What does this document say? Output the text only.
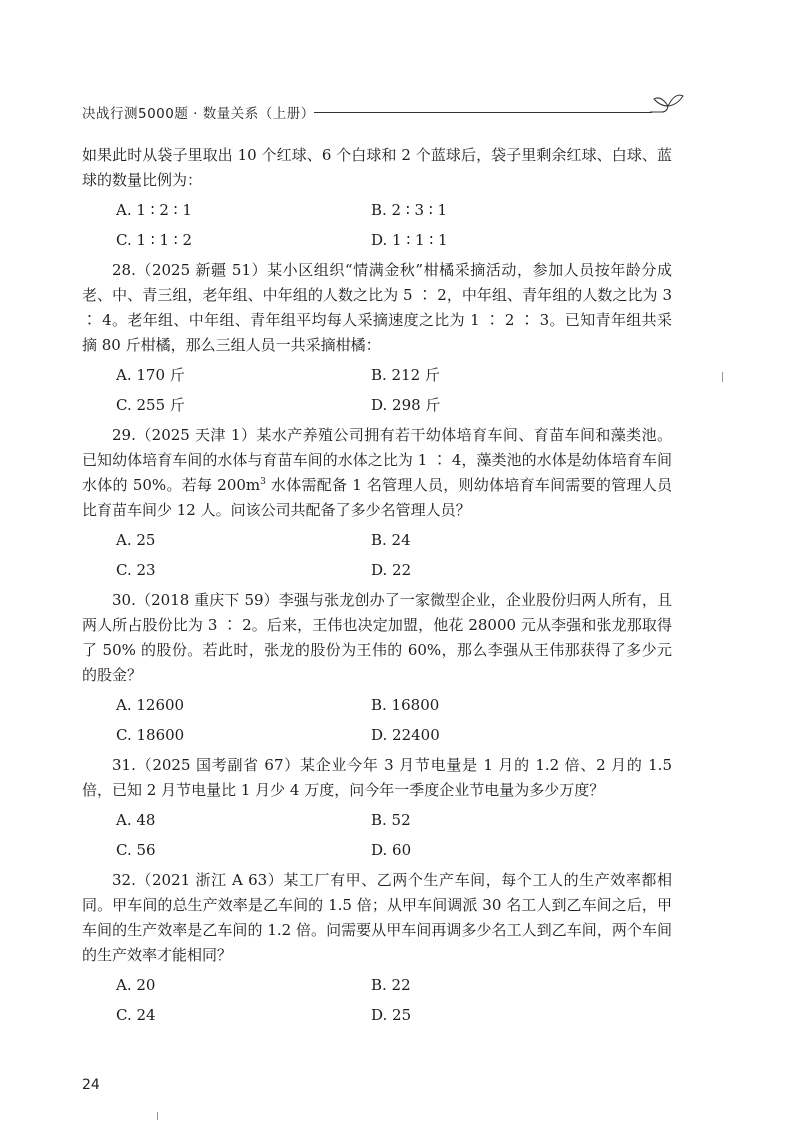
决战行测5000题 · 数量关系（上册）

如果此时从袋子里取出 10 个红球、6 个白球和 2 个蓝球后，袋子里剩余红球、白球、蓝球的数量比例为：

A. 1 ∶ 2 ∶ 1	B. 2 ∶ 3 ∶ 1
C. 1 ∶ 1 ∶ 2	D. 1 ∶ 1 ∶ 1

28.（2025 新疆 51）某小区组织“情满金秋”柑橘采摘活动，参加人员按年龄分成老、中、青三组，老年组、中年组的人数之比为 5 ∶ 2，中年组、青年组的人数之比为 3 ∶ 4。老年组、中年组、青年组平均每人采摘速度之比为 1 ∶ 2 ∶ 3。已知青年组共采摘 80 斤柑橘，那么三组人员一共采摘柑橘：

A. 170 斤	B. 212 斤
C. 255 斤	D. 298 斤

29.（2025 天津 1）某水产养殖公司拥有若干幼体培育车间、育苗车间和藻类池。已知幼体培育车间的水体与育苗车间的水体之比为 1 ∶ 4，藻类池的水体是幼体培育车间水体的 50%。若每 $200m^3$ 水体需配备 1 名管理人员，则幼体培育车间需要的管理人员比育苗车间少 12 人。问该公司共配备了多少名管理人员？

A. 25	B. 24
C. 23	D. 22

30.（2018 重庆下 59）李强与张龙创办了一家微型企业，企业股份归两人所有，且两人所占股份比为 3 ∶ 2。后来，王伟也决定加盟，他花 28000 元从李强和张龙那取得了 50% 的股份。若此时，张龙的股份为王伟的 60%，那么李强从王伟那获得了多少元的股金？

A. 12600	B. 16800
C. 18600	D. 22400

31.（2025 国考副省 67）某企业今年 3 月节电量是 1 月的 1.2 倍、2 月的 1.5 倍，已知 2 月节电量比 1 月少 4 万度，问今年一季度企业节电量为多少万度？

A. 48	B. 52
C. 56	D. 60

32.（2021 浙江 A 63）某工厂有甲、乙两个生产车间，每个工人的生产效率都相同。甲车间的总生产效率是乙车间的 1.5 倍；从甲车间调派 30 名工人到乙车间之后，甲车间的生产效率是乙车间的 1.2 倍。问需要从甲车间再调多少名工人到乙车间，两个车间的生产效率才能相同？

A. 20	B. 22
C. 24	D. 25
24
